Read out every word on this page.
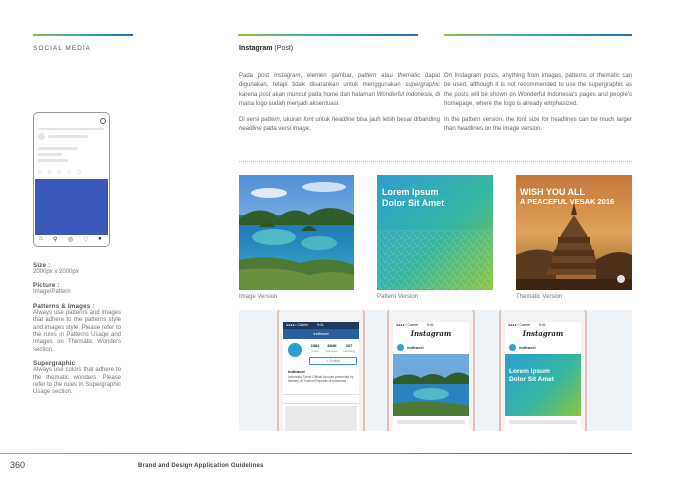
SOCIAL MEDIA	Instagram (Post)

Pada post Instagram, elemen gambar, pattern atau thematic dapat digunakan, tetapi tidak disarankan untuk menggunakan supergraphic karena post akan muncul pada home dan halaman Wonderful Indonesia, di mana logo sudah menjadi aksentuasi.

Di versi pattern, ukuran font untuk headline bisa jauh lebih besar dibanding headline pada versi image.

On Instagram posts, anything from images, patterns or thematic can be used, although it is not recommended to use the supergraphic as the posts will be shown on Wonderful Indonesia's pages and people's homepage, where the logo is already emphasized.

In the pattern version, the font size for headlines can be much larger than headlines on the image version.

Lorem Ipsum
Dolor Sit Amet
WISH YOU ALL
A PEACEFUL VESAK 2016
Image Version	Pattern Version	Thematic Version
●●●●○ Carrier	9:41
indtravel
2382
posts
384K
followers
207
following
✓ Follow
indtravel
Indonesia Travel Official Account presented by Ministry of Tourism Republic of Indonesia
●●●●○ Carrier	9:41
Instagram
indtravel
●●●●○ Carrier	9:41
Instagram
indtravel
Lorem Ipsum
Dolor Sit Amet
▢▢▢▢▢
⌂ ⚲ ◎ ♡ ●
Size :
2000px x 2000px
Picture :
Image/Pattern
Patterns & Images :
Always use patterns and images that adhere to the patterns style and images style. Please refer to the rules in Patterns Usage and Images on Thematic Wonders section.
Supergraphic
Always use colors that adhere to the thematic wonders. Please refer to the rules in Supergraphic Usage section.
360	Brand and Design Application Guidelines
